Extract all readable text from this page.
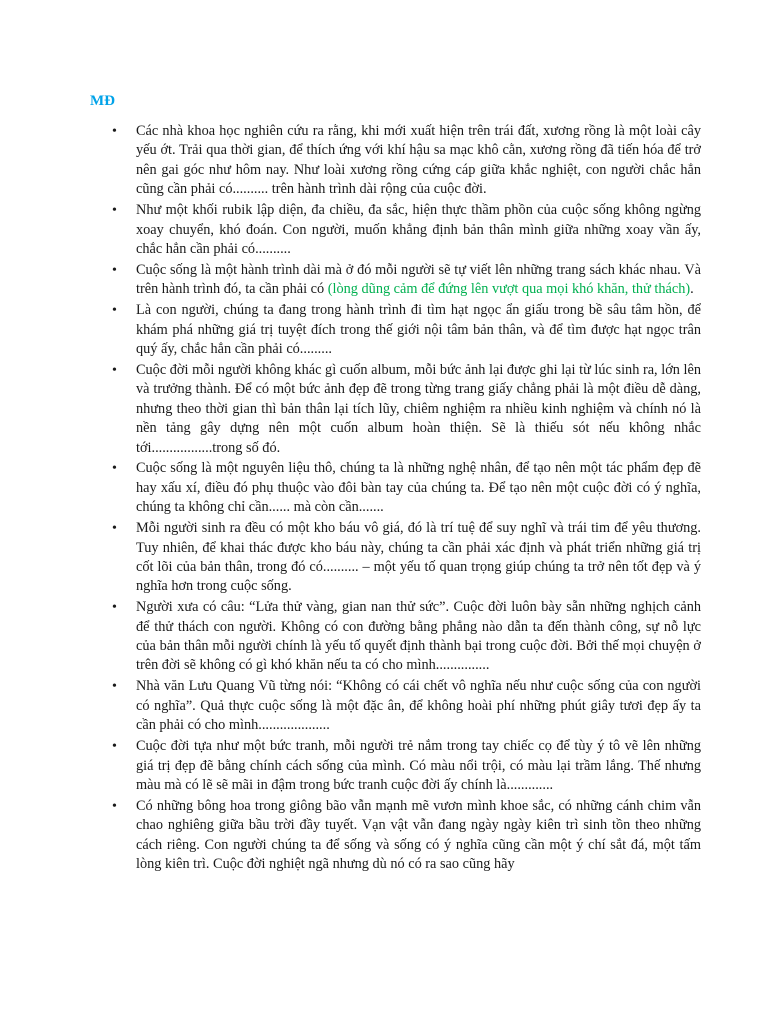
MĐ
• Các nhà khoa học nghiên cứu ra rằng, khi mới xuất hiện trên trái đất, xương rồng là một loài cây yếu ớt. Trải qua thời gian, để thích ứng với khí hậu sa mạc khô cằn, xương rồng đã tiến hóa để trở nên gai góc như hôm nay. Như loài xương rồng cứng cáp giữa khắc nghiệt, con người chắc hẳn cũng cần phải có.......... trên hành trình dài rộng của cuộc đời.
• Như một khối rubik lập diện, đa chiều, đa sắc, hiện thực thầm phồn của cuộc sống không ngừng xoay chuyển, khó đoán. Con người, muốn khẳng định bản thân mình giữa những xoay vần ấy, chắc hẳn cần phải có..........
• Cuộc sống là một hành trình dài mà ở đó mỗi người sẽ tự viết lên những trang sách khác nhau. Và trên hành trình đó, ta cần phải có (lòng dũng cảm để đứng lên vượt qua mọi khó khăn, thử thách).
• Là con người, chúng ta đang trong hành trình đi tìm hạt ngọc ẩn giấu trong bề sâu tâm hồn, để khám phá những giá trị tuyệt đích trong thế giới nội tâm bản thân, và để tìm được hạt ngọc trân quý ấy, chắc hẳn cần phải có.........
• Cuộc đời mỗi người không khác gì cuốn album, mỗi bức ảnh lại được ghi lại từ lúc sinh ra, lớn lên và trưởng thành. Để có một bức ảnh đẹp đẽ trong từng trang giấy chẳng phải là một điều dễ dàng, nhưng theo thời gian thì bản thân lại tích lũy, chiêm nghiệm ra nhiều kinh nghiệm và chính nó là nền tảng gây dựng nên một cuốn album hoàn thiện. Sẽ là thiếu sót nếu không nhắc tới.................trong số đó.
• Cuộc sống là một nguyên liệu thô, chúng ta là những nghệ nhân, để tạo nên một tác phẩm đẹp đẽ hay xấu xí, điều đó phụ thuộc vào đôi bàn tay của chúng ta. Để tạo nên một cuộc đời có ý nghĩa, chúng ta không chỉ cần...... mà còn cần.......
• Mỗi người sinh ra đều có một kho báu vô giá, đó là trí tuệ để suy nghĩ và trái tim để yêu thương. Tuy nhiên, để khai thác được kho báu này, chúng ta cần phải xác định và phát triển những giá trị cốt lõi của bản thân, trong đó có.......... – một yếu tố quan trọng giúp chúng ta trở nên tốt đẹp và ý nghĩa hơn trong cuộc sống.
• Người xưa có câu: “Lửa thử vàng, gian nan thử sức”. Cuộc đời luôn bày sẵn những nghịch cảnh để thử thách con người. Không có con đường bằng phẳng nào dẫn ta đến thành công, sự nỗ lực của bản thân mỗi người chính là yếu tố quyết định thành bại trong cuộc đời. Bởi thế mọi chuyện ở trên đời sẽ không có gì khó khăn nếu ta có cho mình...............
• Nhà văn Lưu Quang Vũ từng nói: “Không có cái chết vô nghĩa nếu như cuộc sống của con người có nghĩa”. Quả thực cuộc sống là một đặc ân, để không hoài phí những phút giây tươi đẹp ấy ta cần phải có cho mình....................
• Cuộc đời tựa như một bức tranh, mỗi người trẻ nắm trong tay chiếc cọ để tùy ý tô vẽ lên những giá trị đẹp đẽ bằng chính cách sống của mình. Có màu nổi trội, có màu lại trầm lắng. Thế nhưng màu mà có lẽ sẽ mãi in đậm trong bức tranh cuộc đời ấy chính là.............
• Có những bông hoa trong giông bão vẫn mạnh mẽ vươn mình khoe sắc, có những cánh chim vẫn chao nghiêng giữa bầu trời đầy tuyết. Vạn vật vẫn đang ngày ngày kiên trì sinh tồn theo những cách riêng. Con người chúng ta để sống và sống có ý nghĩa cũng cần một ý chí sắt đá, một tấm lòng kiên trì. Cuộc đời nghiệt ngã nhưng dù nó có ra sao cũng hãy
